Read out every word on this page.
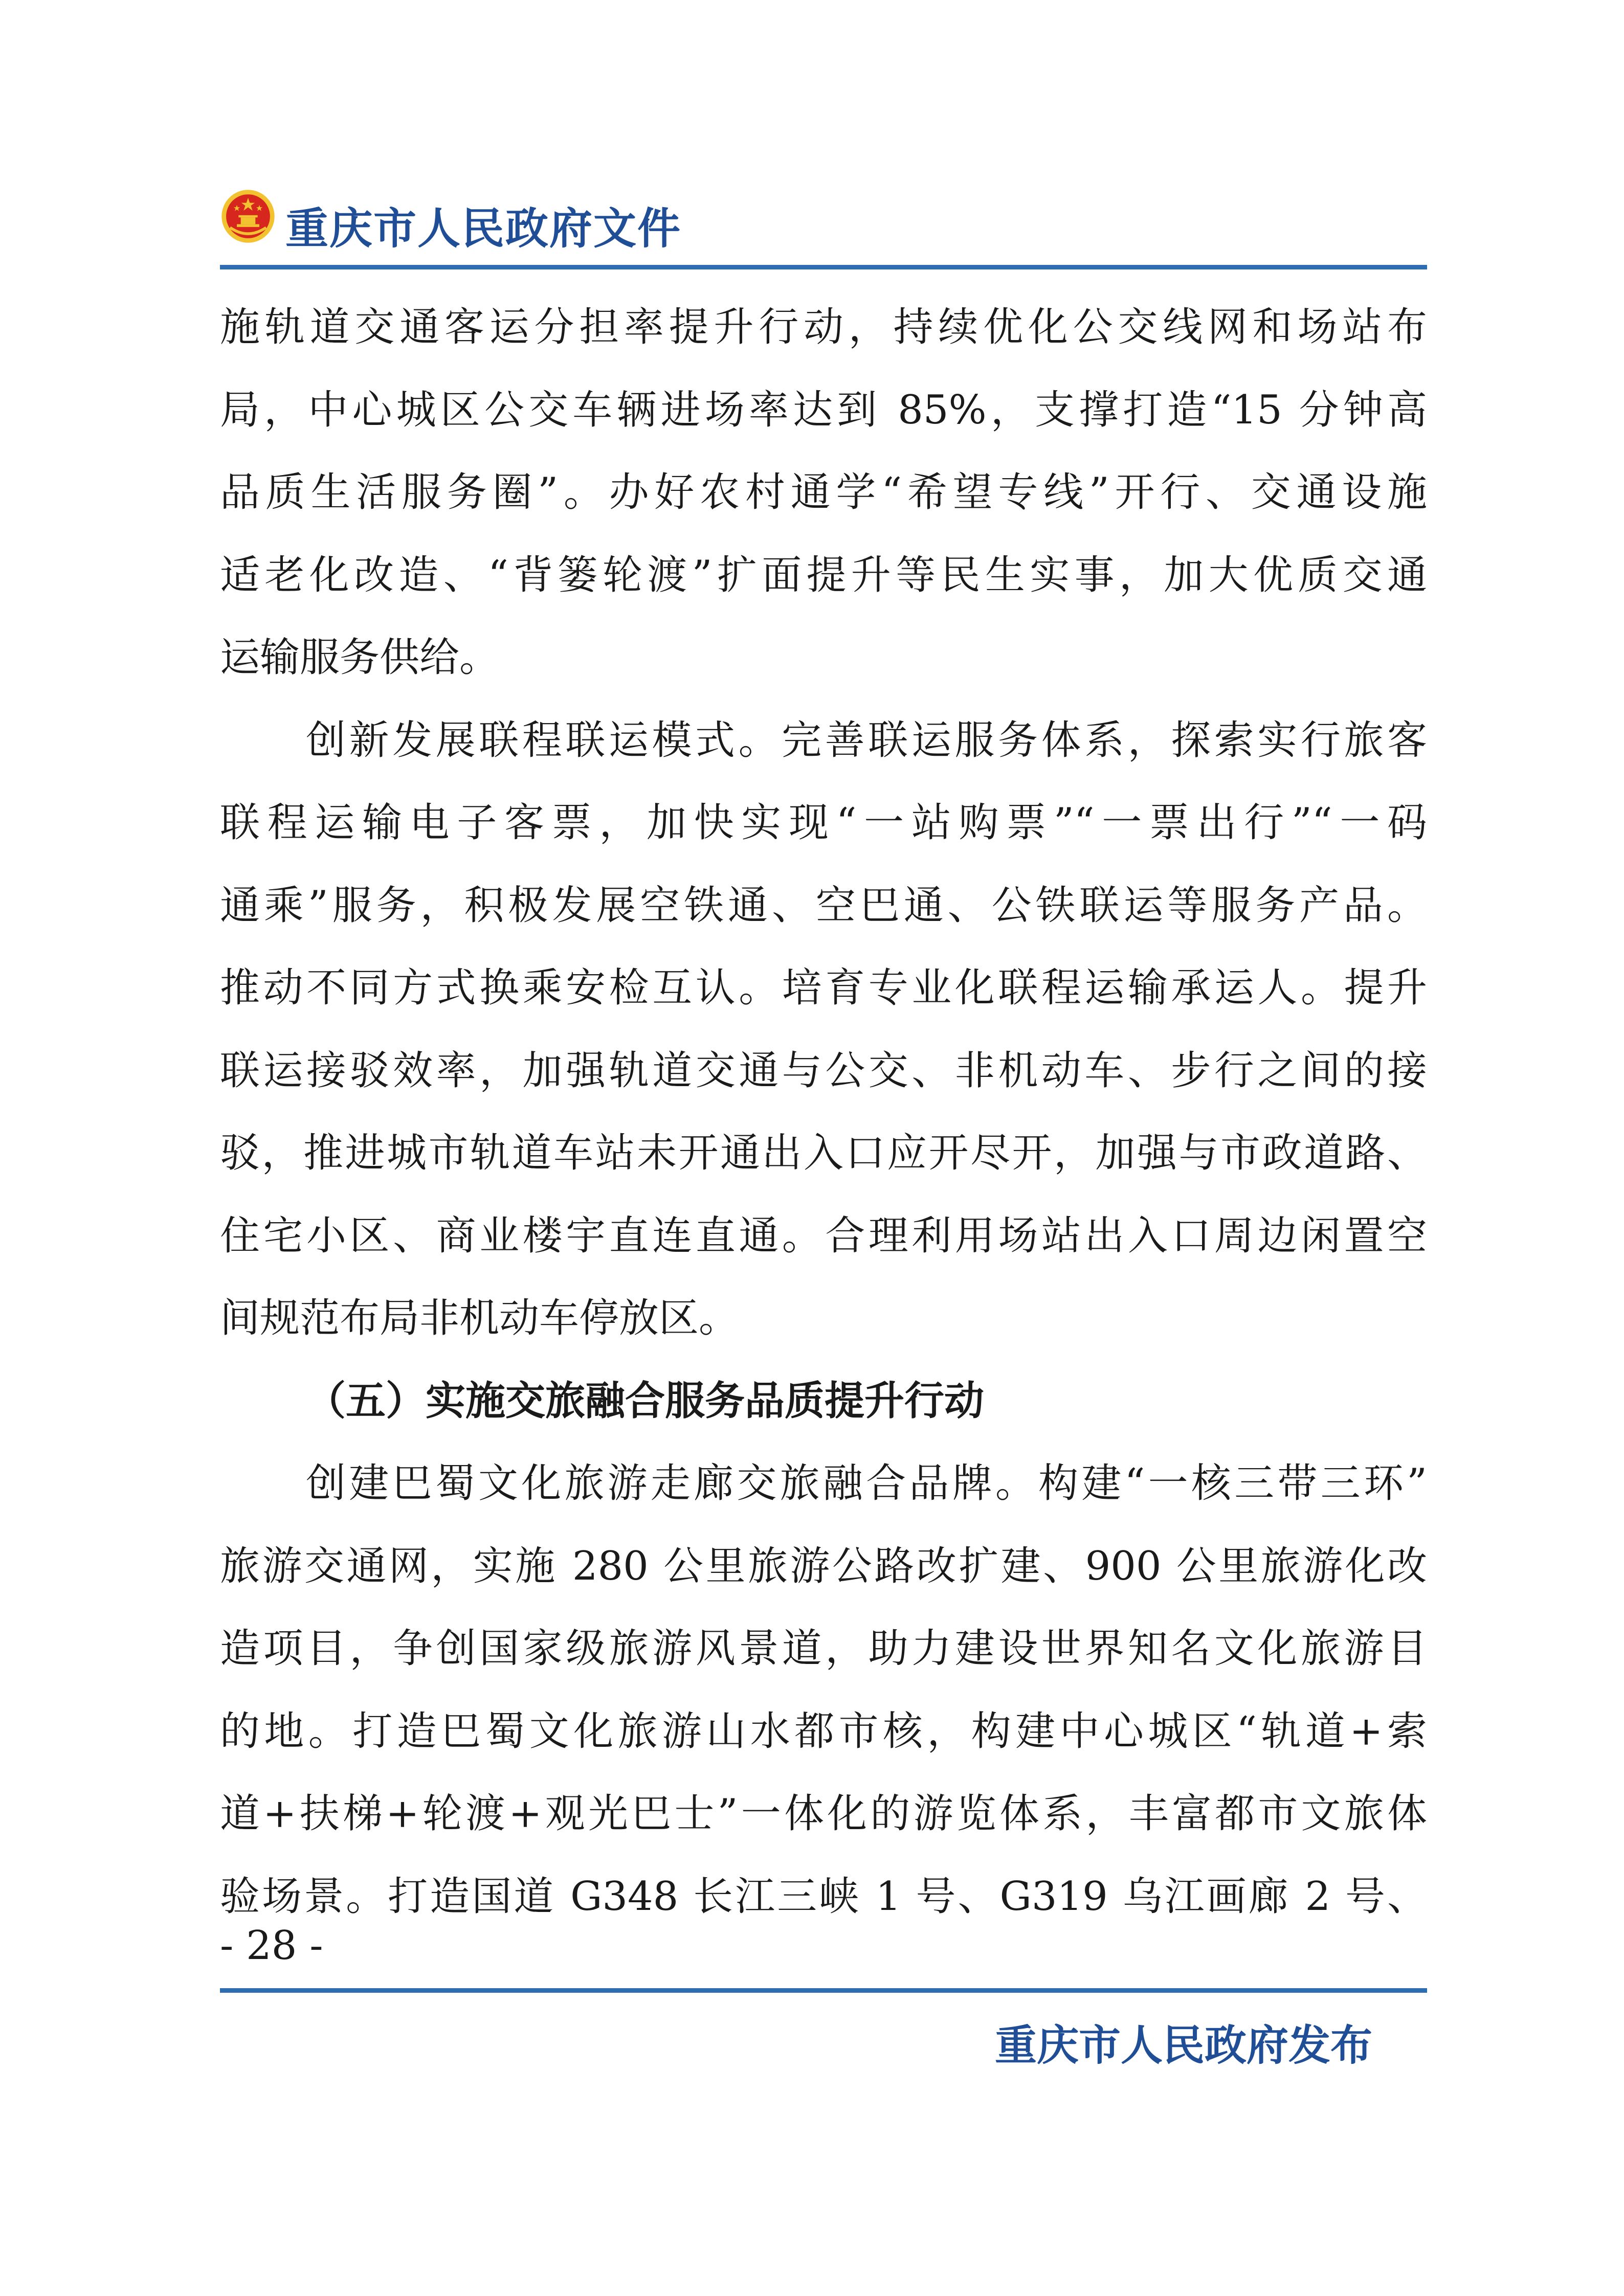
重庆市人民政府文件
施轨道交通客运分担率提升行动，持续优化公交线网和场站布
局，中心城区公交车辆进场率达到 85%，支撑打造“15 分钟高
品质生活服务圈”。办好农村通学“希望专线”开行、交通设施
适老化改造、“背篓轮渡”扩面提升等民生实事，加大优质交通
运输服务供给。
创新发展联程联运模式。完善联运服务体系，探索实行旅客
联程运输电子客票，加快实现“一站购票”“一票出行”“一码
通乘”服务，积极发展空铁通、空巴通、公铁联运等服务产品。
推动不同方式换乘安检互认。培育专业化联程运输承运人。提升
联运接驳效率，加强轨道交通与公交、非机动车、步行之间的接
驳，推进城市轨道车站未开通出入口应开尽开，加强与市政道路、
住宅小区、商业楼宇直连直通。合理利用场站出入口周边闲置空
间规范布局非机动车停放区。
（五）实施交旅融合服务品质提升行动
创建巴蜀文化旅游走廊交旅融合品牌。构建“一核三带三环”
旅游交通网，实施 280 公里旅游公路改扩建、900 公里旅游化改
造项目，争创国家级旅游风景道，助力建设世界知名文化旅游目
的地。打造巴蜀文化旅游山水都市核，构建中心城区“轨道+索
道+扶梯+轮渡+观光巴士”一体化的游览体系，丰富都市文旅体
验场景。打造国道 G348 长江三峡 1 号、G319 乌江画廊 2 号、
- 28 -
重庆市人民政府发布
